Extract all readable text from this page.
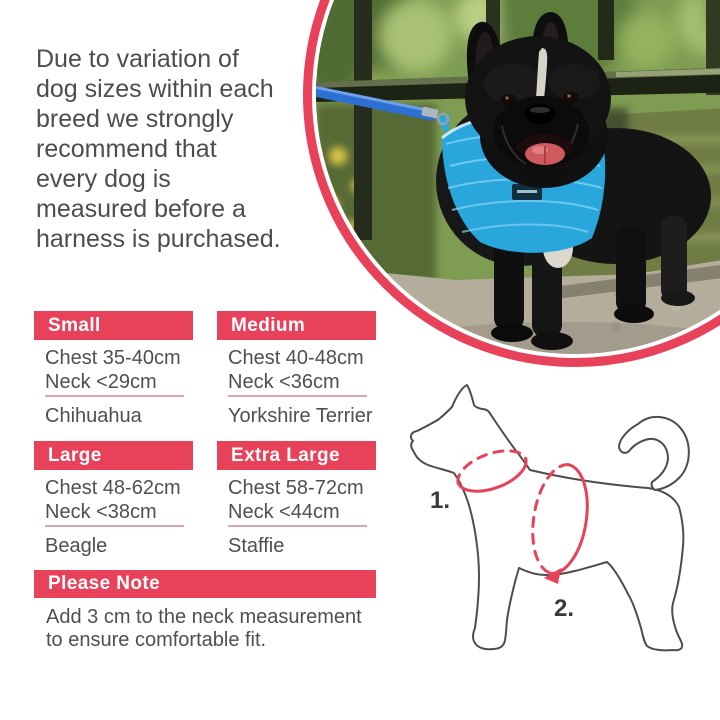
Due to variation of
dog sizes within each
breed we strongly
recommend that
every dog is
measured before a
harness is purchased.
Small
Chest 35-40cm
Neck <29cm
Chihuahua
Medium
Chest 40-48cm
Neck <36cm
Yorkshire Terrier
Large
Chest 48-62cm
Neck <38cm
Beagle
Extra Large
Chest 58-72cm
Neck <44cm
Staffie
Please Note
Add 3 cm to the neck measurement to ensure comfortable fit.
1.
2.
